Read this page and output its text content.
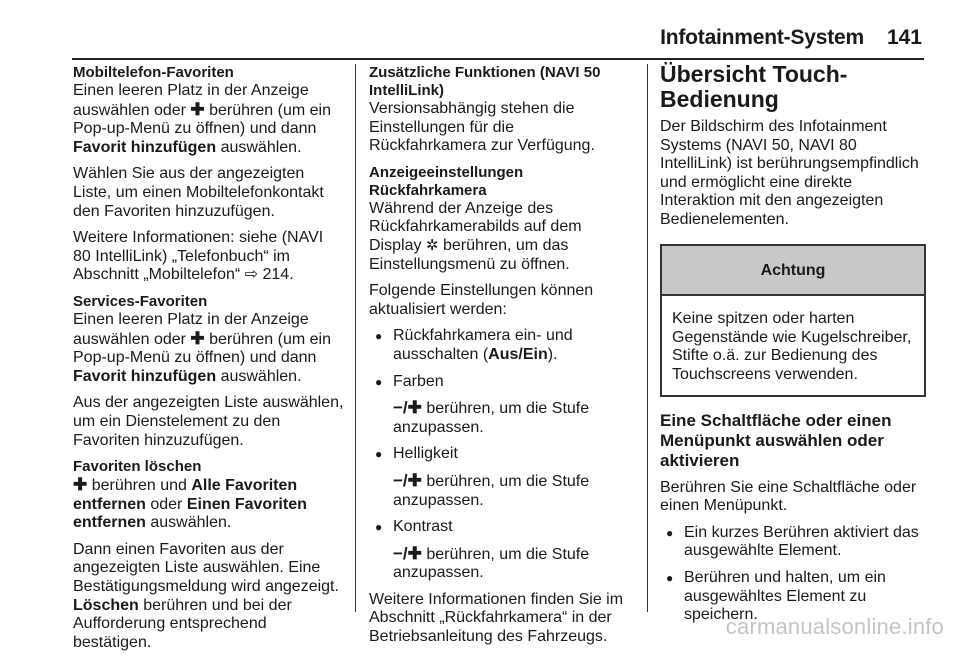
Infotainment-System 141

Mobiltelefon-Favoriten

Einen leeren Platz in der Anzeige auswählen oder ✚ berühren (um ein Pop-up-Menü zu öffnen) und dann Favorit hinzufügen auswählen.

Wählen Sie aus der angezeigten Liste, um einen Mobiltelefonkontakt den Favoriten hinzuzufügen.

Weitere Informationen: siehe (NAVI 80 IntelliLink) „Telefonbuch“ im Abschnitt „Mobiltelefon“ ⇨ 214.

Services-Favoriten

Einen leeren Platz in der Anzeige auswählen oder ✚ berühren (um ein Pop-up-Menü zu öffnen) und dann Favorit hinzufügen auswählen.

Aus der angezeigten Liste auswählen, um ein Dienstelement zu den Favoriten hinzuzufügen.

Favoriten löschen

✚ berühren und Alle Favoriten entfernen oder Einen Favoriten entfernen auswählen.

Dann einen Favoriten aus der angezeigten Liste auswählen. Eine Bestätigungsmeldung wird angezeigt. Löschen berühren und bei der Aufforderung entsprechend bestätigen.

Zusätzliche Funktionen (NAVI 50 IntelliLink)

Versionsabhängig stehen die Einstellungen für die Rückfahrkamera zur Verfügung.

Anzeigeeinstellungen Rückfahrkamera

Während der Anzeige des Rückfahrkamerabilds auf dem Display ✲ berühren, um das Einstellungsmenü zu öffnen.

Folgende Einstellungen können aktualisiert werden:

● Rückfahrkamera ein- und ausschalten (Aus/Ein).
● Farben
−/✚ berühren, um die Stufe anzupassen.
● Helligkeit
−/✚ berühren, um die Stufe anzupassen.
● Kontrast
−/✚ berühren, um die Stufe anzupassen.

Weitere Informationen finden Sie im Abschnitt „Rückfahrkamera“ in der Betriebsanleitung des Fahrzeugs.

Übersicht Touch-Bedienung

Der Bildschirm des Infotainment Systems (NAVI 50, NAVI 80 IntelliLink) ist berührungsempfindlich und ermöglicht eine direkte Interaktion mit den angezeigten Bedienelementen.

Achtung
Keine spitzen oder harten Gegenstände wie Kugelschreiber, Stifte o.ä. zur Bedienung des Touchscreens verwenden.
Eine Schaltfläche oder einen Menüpunkt auswählen oder aktivieren

Berühren Sie eine Schaltfläche oder einen Menüpunkt.

● Ein kurzes Berühren aktiviert das ausgewählte Element.
● Berühren und halten, um ein ausgewähltes Element zu speichern.
carmanualsonline.info
